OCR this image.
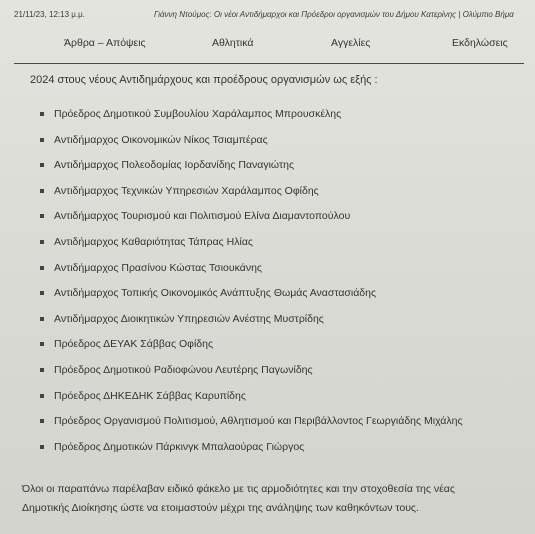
21/11/23, 12:13 μ.μ.	Γιάννη Ντούμος: Οι νέοι Αντιδήμαρχοι και Πρόεδροι οργανισμών του Δήμου Κατερίνης | Ολύμπιο Βήμα
Άρθρα – Απόψεις	Αθλητικά	Αγγελίες	Εκδηλώσεις
2024 στους νέους Αντιδημάρχους και προέδρους οργανισμών ως εξής :
Πρόεδρος Δημοτικού Συμβουλίου Χαράλαμπος Μπρουσκέλης
Αντιδήμαρχος Οικονομικών Νίκος Τσιαμπέρας
Αντιδήμαρχος Πολεοδομίας Ιορδανίδης Παναγιώτης
Αντιδήμαρχος Τεχνικών Υπηρεσιών Χαράλαμπος Οφίδης
Αντιδήμαρχος Τουρισμού και Πολιτισμού Ελίνα Διαμαντοπούλου
Αντιδήμαρχος Καθαριότητας Τάπρας Ηλίας
Αντιδήμαρχος Πρασίνου Κώστας Τσιουκάνης
Αντιδήμαρχος Τοπικής Οικονομικός Ανάπτυξης Θωμάς Αναστασιάδης
Αντιδήμαρχος Διοικητικών Υπηρεσιών Ανέστης Μυστρίδης
Πρόεδρος ΔΕΥΑΚ Σάββας Οφίδης
Πρόεδρος Δημοτικού Ραδιοφώνου Λευτέρης Παγωνίδης
Πρόεδρος ΔΗΚΕΔΗΚ Σάββας Καρυπίδης
Πρόεδρος Οργανισμού Πολιτισμού, Αθλητισμού και Περιβάλλοντος Γεωργιάδης Μιχάλης
Πρόεδρος Δημοτικών Πάρκινγκ Μπαλαούρας Γιώργος
Όλοι οι παραπάνω παρέλαβαν ειδικό φάκελο με τις αρμοδιότητες και την στοχοθεσία της νέας
Δημοτικής Διοίκησης ώστε να ετοιμαστούν μέχρι της ανάληψης των καθηκόντων τους.
